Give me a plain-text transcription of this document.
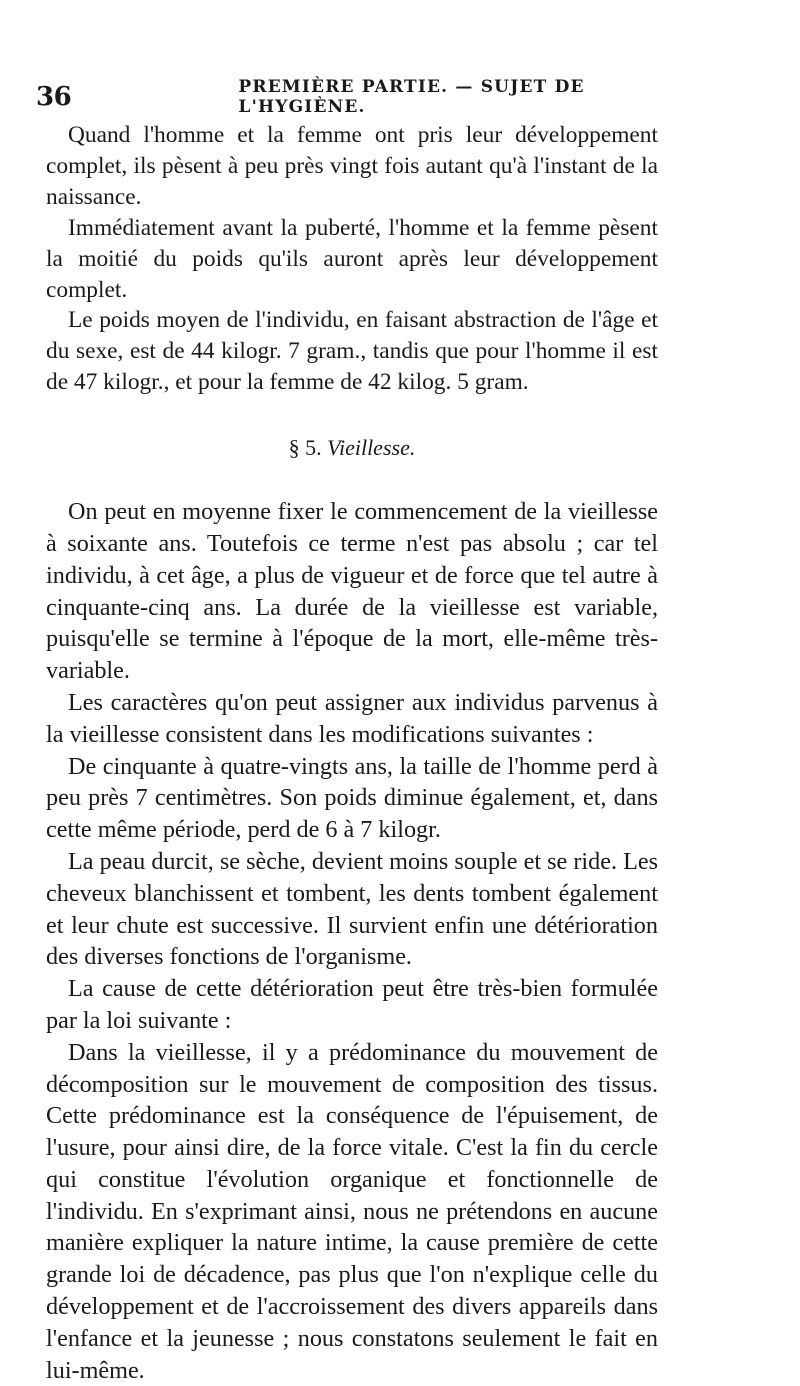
36	PREMIÈRE PARTIE. — SUJET DE L'HYGIÈNE.

Quand l'homme et la femme ont pris leur développement complet, ils pèsent à peu près vingt fois autant qu'à l'instant de la naissance.

Immédiatement avant la puberté, l'homme et la femme pèsent la moitié du poids qu'ils auront après leur développement complet.

Le poids moyen de l'individu, en faisant abstraction de l'âge et du sexe, est de 44 kilogr. 7 gram., tandis que pour l'homme il est de 47 kilogr., et pour la femme de 42 kilog. 5 gram.

§ 5. Vieillesse.

On peut en moyenne fixer le commencement de la vieillesse à soixante ans. Toutefois ce terme n'est pas absolu ; car tel individu, à cet âge, a plus de vigueur et de force que tel autre à cinquante-cinq ans. La durée de la vieillesse est variable, puisqu'elle se termine à l'époque de la mort, elle-même très-variable.

Les caractères qu'on peut assigner aux individus parvenus à la vieillesse consistent dans les modifications suivantes :

De cinquante à quatre-vingts ans, la taille de l'homme perd à peu près 7 centimètres. Son poids diminue également, et, dans cette même période, perd de 6 à 7 kilogr.

La peau durcit, se sèche, devient moins souple et se ride. Les cheveux blanchissent et tombent, les dents tombent également et leur chute est successive. Il survient enfin une détérioration des diverses fonctions de l'organisme.

La cause de cette détérioration peut être très-bien formulée par la loi suivante :

Dans la vieillesse, il y a prédominance du mouvement de décomposition sur le mouvement de composition des tissus. Cette prédominance est la conséquence de l'épuisement, de l'usure, pour ainsi dire, de la force vitale. C'est la fin du cercle qui constitue l'évolution organique et fonctionnelle de l'individu. En s'exprimant ainsi, nous ne prétendons en aucune manière expliquer la nature intime, la cause première de cette grande loi de décadence, pas plus que l'on n'explique celle du développement et de l'accroissement des divers appareils dans l'enfance et la jeunesse ; nous constatons seulement le fait en lui-même.
